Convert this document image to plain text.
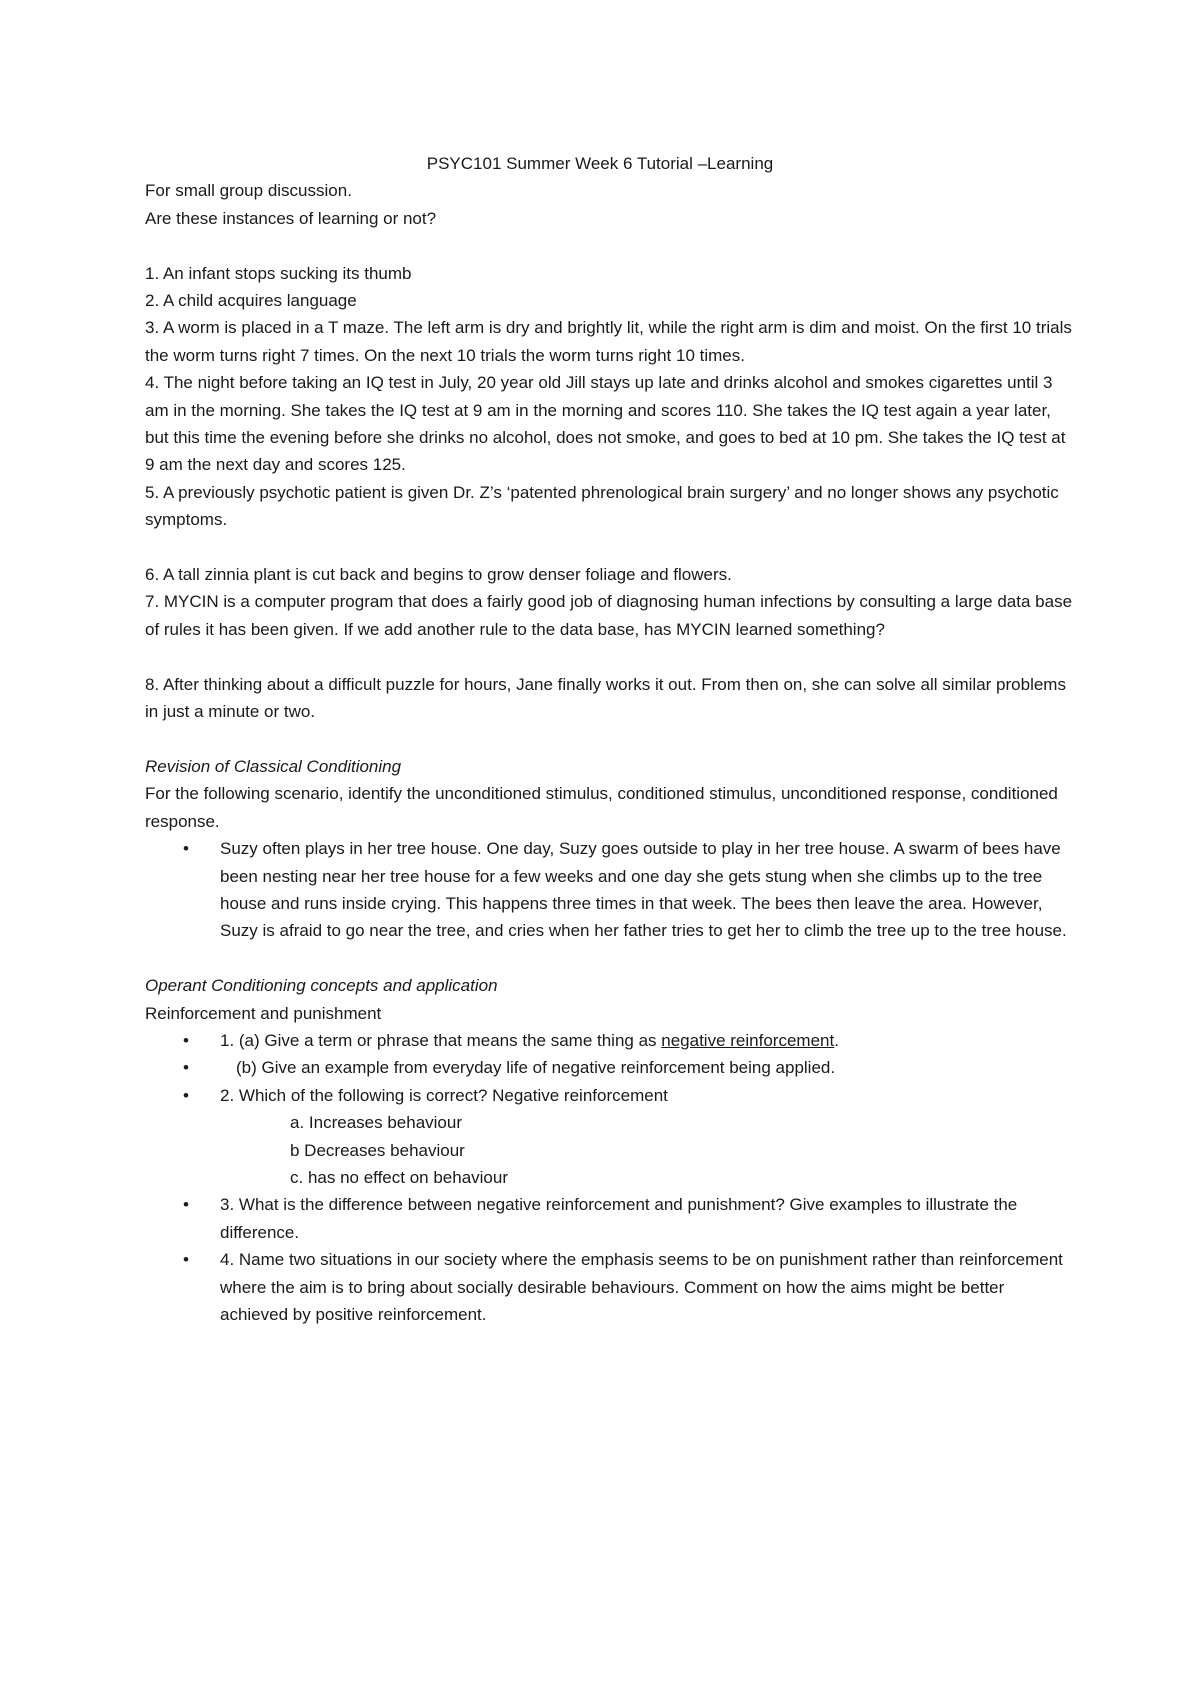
PSYC101 Summer Week 6 Tutorial –Learning
For small group discussion.
Are these instances of learning or not?
1. An infant stops sucking its thumb
2. A child acquires language
3. A worm is placed in a T maze. The left arm is dry and brightly lit, while the right arm is dim and moist. On the first 10 trials the worm turns right 7 times. On the next 10 trials the worm turns right 10 times.
4. The night before taking an IQ test in July, 20 year old Jill stays up late and drinks alcohol and smokes cigarettes until 3 am in the morning. She takes the IQ test at 9 am in the morning and scores 110. She takes the IQ test again a year later, but this time the evening before she drinks no alcohol, does not smoke, and goes to bed at 10 pm. She takes the IQ test at 9 am the next day and scores 125.
5. A previously psychotic patient is given Dr. Z’s ‘patented phrenological brain surgery’ and no longer shows any psychotic symptoms.
6. A tall zinnia plant is cut back and begins to grow denser foliage and flowers.
7. MYCIN is a computer program that does a fairly good job of diagnosing human infections by consulting a large data base of rules it has been given. If we add another rule to the data base, has MYCIN learned something?
8. After thinking about a difficult puzzle for hours, Jane finally works it out. From then on, she can solve all similar problems in just a minute or two.
Revision of Classical Conditioning
For the following scenario, identify the unconditioned stimulus, conditioned stimulus, unconditioned response, conditioned response.
• Suzy often plays in her tree house. One day, Suzy goes outside to play in her tree house. A swarm of bees have been nesting near her tree house for a few weeks and one day she gets stung when she climbs up to the tree house and runs inside crying. This happens three times in that week. The bees then leave the area. However, Suzy is afraid to go near the tree, and cries when her father tries to get her to climb the tree up to the tree house.
Operant Conditioning concepts and application
Reinforcement and punishment
• 1. (a) Give a term or phrase that means the same thing as negative reinforcement.
• (b) Give an example from everyday life of negative reinforcement being applied.
• 2. Which of the following is correct? Negative reinforcement
a. Increases behaviour
b Decreases behaviour
c. has no effect on behaviour
• 3. What is the difference between negative reinforcement and punishment? Give examples to illustrate the difference.
• 4. Name two situations in our society where the emphasis seems to be on punishment rather than reinforcement where the aim is to bring about socially desirable behaviours. Comment on how the aims might be better achieved by positive reinforcement.
